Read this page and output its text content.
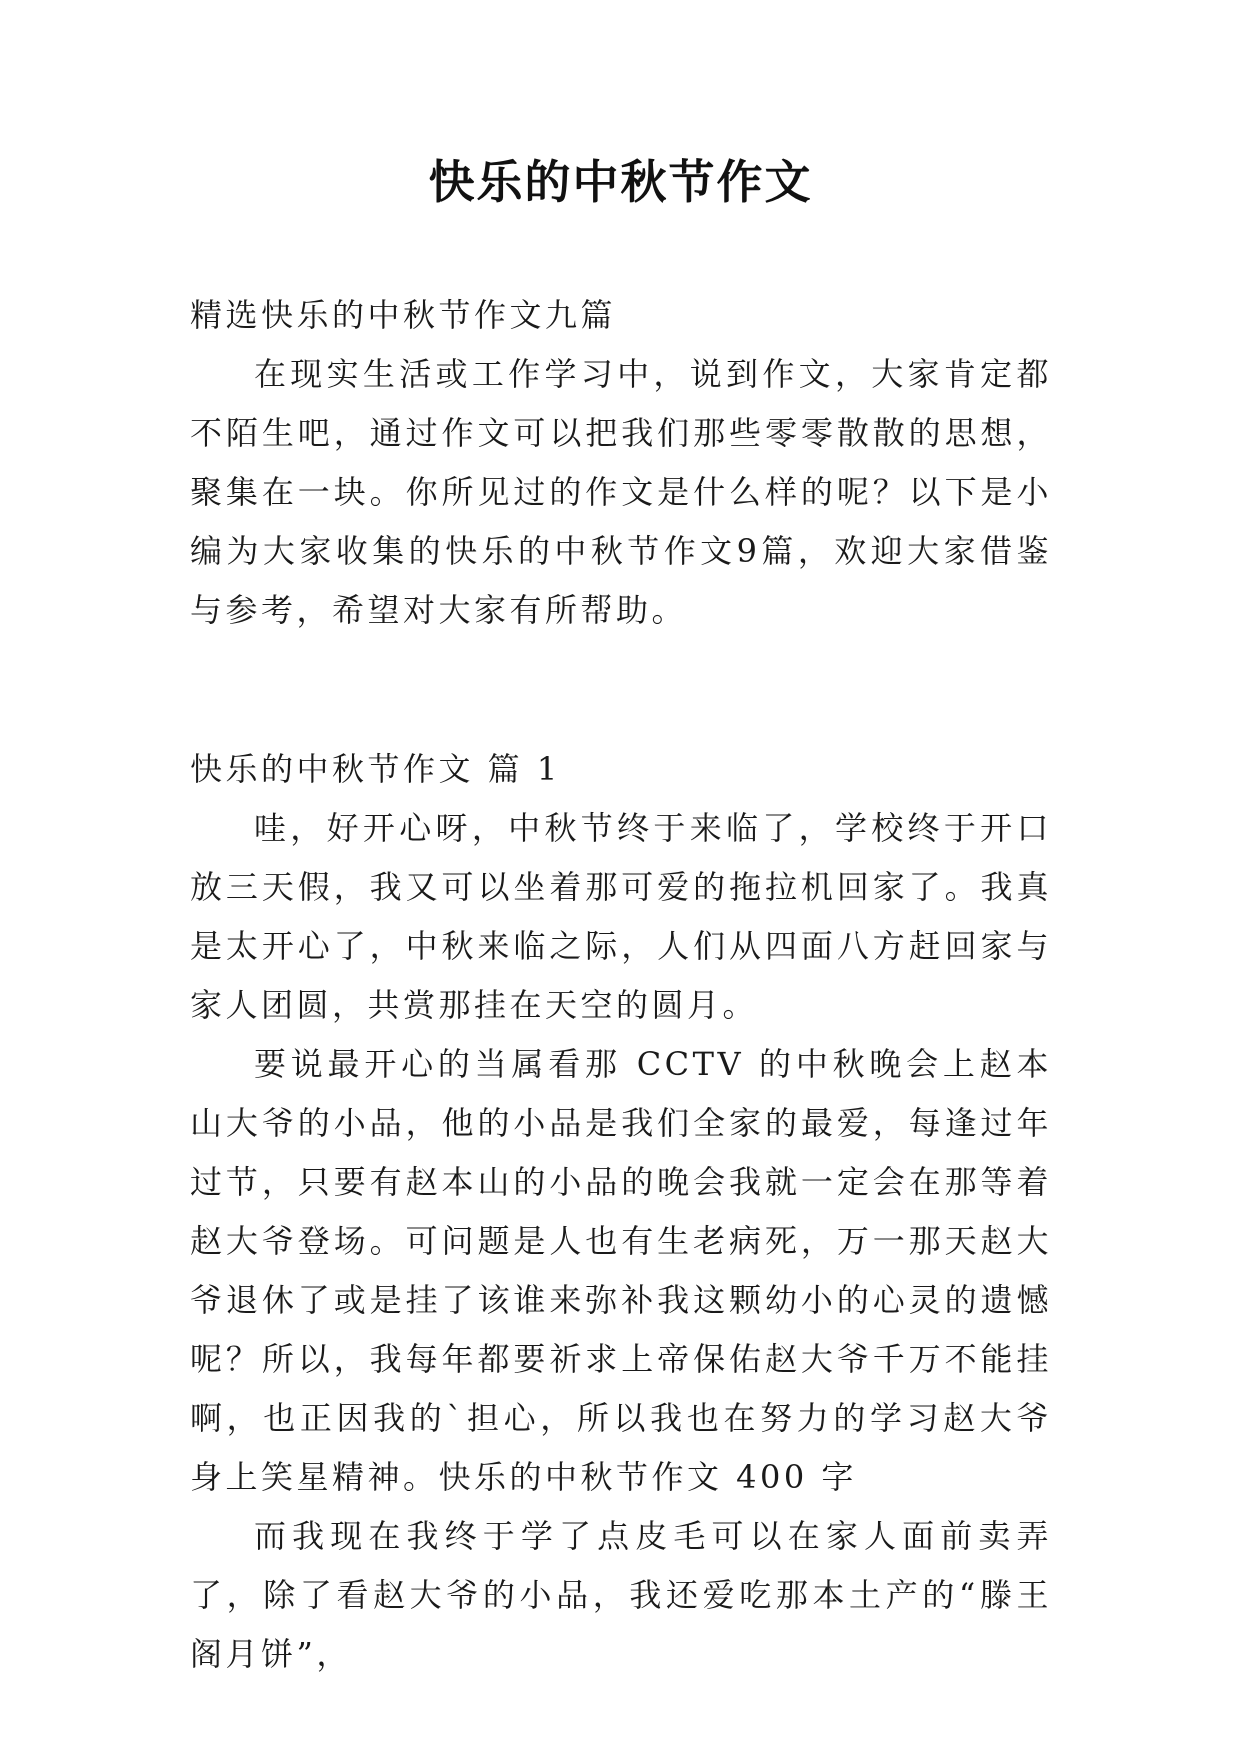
快乐的中秋节作文

精选快乐的中秋节作文九篇

在现实生活或工作学习中，说到作文，大家肯定都不陌生吧，通过作文可以把我们那些零零散散的思想，聚集在一块。你所见过的作文是什么样的呢？以下是小编为大家收集的快乐的中秋节作文9篇，欢迎大家借鉴与参考，希望对大家有所帮助。

快乐的中秋节作文 篇 1

哇，好开心呀，中秋节终于来临了，学校终于开口放三天假，我又可以坐着那可爱的拖拉机回家了。我真是太开心了，中秋来临之际，人们从四面八方赶回家与家人团圆，共赏那挂在天空的圆月。

要说最开心的当属看那 CCTV 的中秋晚会上赵本山大爷的小品，他的小品是我们全家的最爱，每逢过年过节，只要有赵本山的小品的晚会我就一定会在那等着赵大爷登场。可问题是人也有生老病死，万一那天赵大爷退休了或是挂了该谁来弥补我这颗幼小的心灵的遗憾呢？所以，我每年都要祈求上帝保佑赵大爷千万不能挂啊，也正因我的`担心，所以我也在努力的学习赵大爷身上笑星精神。快乐的中秋节作文 400 字

而我现在我终于学了点皮毛可以在家人面前卖弄了，除了看赵大爷的小品，我还爱吃那本土产的“滕王阁月饼”，
